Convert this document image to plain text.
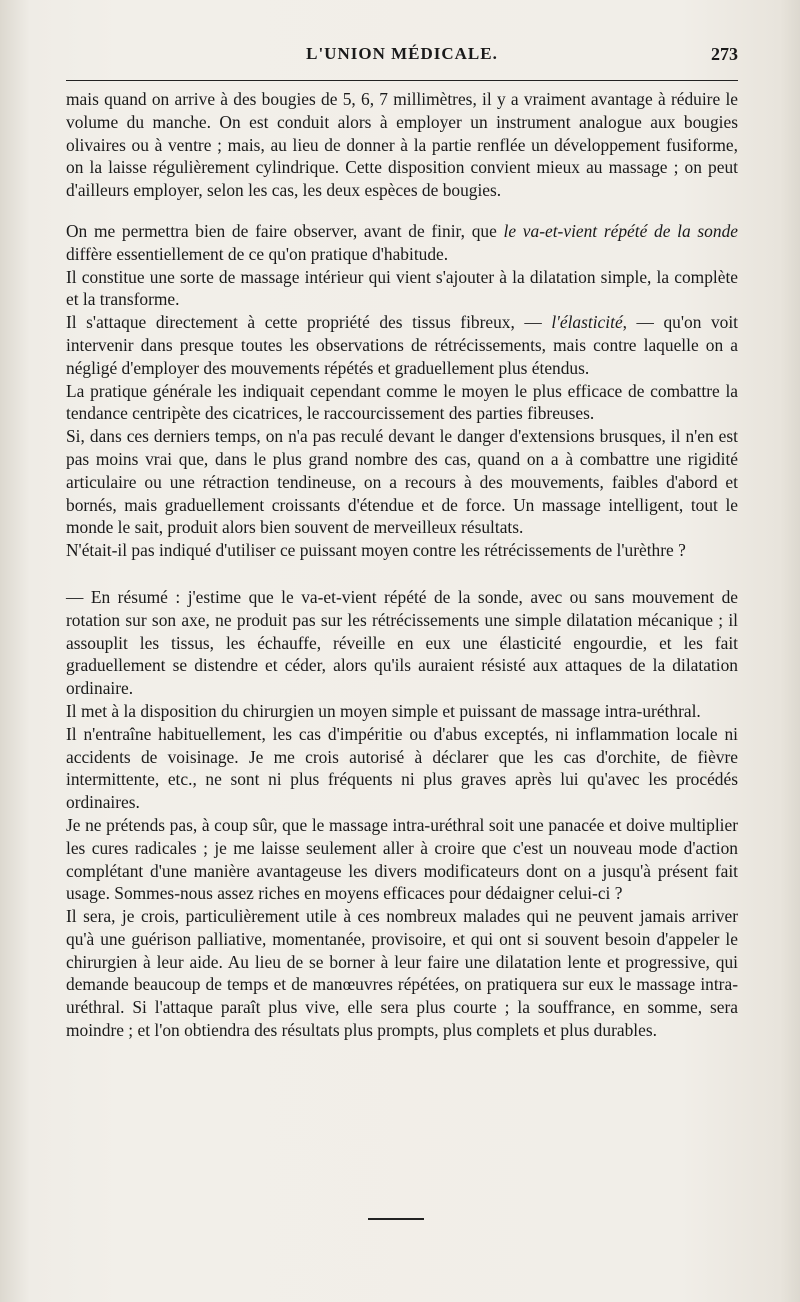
L'UNION MÉDICALE.	273

mais quand on arrive à des bougies de 5, 6, 7 millimètres, il y a vraiment avantage à réduire le volume du manche. On est conduit alors à employer un instrument analogue aux bougies olivaires ou à ventre ; mais, au lieu de donner à la partie renflée un développement fusiforme, on la laisse régulièrement cylindrique. Cette disposition convient mieux au massage ; on peut d'ailleurs employer, selon les cas, les deux espèces de bougies.

On me permettra bien de faire observer, avant de finir, que le va-et-vient répété de la sonde diffère essentiellement de ce qu'on pratique d'habitude.

Il constitue une sorte de massage intérieur qui vient s'ajouter à la dilatation simple, la complète et la transforme.

Il s'attaque directement à cette propriété des tissus fibreux, — l'élasticité, — qu'on voit intervenir dans presque toutes les observations de rétrécissements, mais contre laquelle on a négligé d'employer des mouvements répétés et graduellement plus étendus.

La pratique générale les indiquait cependant comme le moyen le plus efficace de combattre la tendance centripète des cicatrices, le raccourcissement des parties fibreuses.

Si, dans ces derniers temps, on n'a pas reculé devant le danger d'extensions brusques, il n'en est pas moins vrai que, dans le plus grand nombre des cas, quand on a à combattre une rigidité articulaire ou une rétraction tendineuse, on a recours à des mouvements, faibles d'abord et bornés, mais graduellement croissants d'étendue et de force. Un massage intelligent, tout le monde le sait, produit alors bien souvent de merveilleux résultats.

N'était-il pas indiqué d'utiliser ce puissant moyen contre les rétrécissements de l'urèthre ?

— En résumé : j'estime que le va-et-vient répété de la sonde, avec ou sans mouvement de rotation sur son axe, ne produit pas sur les rétrécissements une simple dilatation mécanique ; il assouplit les tissus, les échauffe, réveille en eux une élasticité engourdie, et les fait graduellement se distendre et céder, alors qu'ils auraient résisté aux attaques de la dilatation ordinaire.

Il met à la disposition du chirurgien un moyen simple et puissant de massage intra-uréthral.

Il n'entraîne habituellement, les cas d'impéritie ou d'abus exceptés, ni inflammation locale ni accidents de voisinage. Je me crois autorisé à déclarer que les cas d'orchite, de fièvre intermittente, etc., ne sont ni plus fréquents ni plus graves après lui qu'avec les procédés ordinaires.

Je ne prétends pas, à coup sûr, que le massage intra-uréthral soit une panacée et doive multiplier les cures radicales ; je me laisse seulement aller à croire que c'est un nouveau mode d'action complétant d'une manière avantageuse les divers modificateurs dont on a jusqu'à présent fait usage. Sommes-nous assez riches en moyens efficaces pour dédaigner celui-ci ?

Il sera, je crois, particulièrement utile à ces nombreux malades qui ne peuvent jamais arriver qu'à une guérison palliative, momentanée, provisoire, et qui ont si souvent besoin d'appeler le chirurgien à leur aide. Au lieu de se borner à leur faire une dilatation lente et progressive, qui demande beaucoup de temps et de manœuvres répétées, on pratiquera sur eux le massage intra-uréthral. Si l'attaque paraît plus vive, elle sera plus courte ; la souffrance, en somme, sera moindre ; et l'on obtiendra des résultats plus prompts, plus complets et plus durables.
